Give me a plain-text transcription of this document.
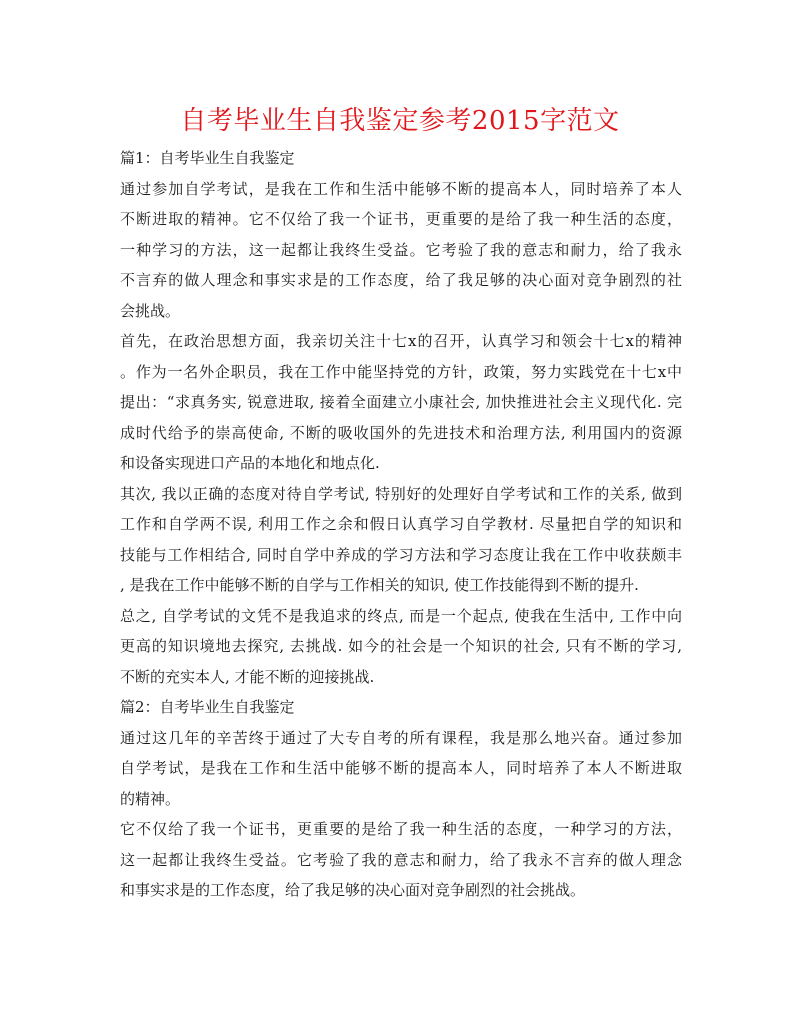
自考毕业生自我鉴定参考2015字范文
篇1：自考毕业生自我鉴定
通过参加自学考试，是我在工作和生活中能够不断的提高本人，同时培养了本人
不断进取的精神。它不仅给了我一个证书，更重要的是给了我一种生活的态度，
一种学习的方法，这一起都让我终生受益。它考验了我的意志和耐力，给了我永
不言弃的做人理念和事实求是的工作态度，给了我足够的决心面对竞争剧烈的社
会挑战。
首先，在政治思想方面，我亲切关注十七x的召开，认真学习和领会十七x的精神
。作为一名外企职员，我在工作中能坚持党的方针，政策，努力实践党在十七x中
提出：“求真务实, 锐意进取, 接着全面建立小康社会, 加快推进社会主义现代化. 完
成时代给予的崇高使命, 不断的吸收国外的先进技术和治理方法, 利用国内的资源
和设备实现进口产品的本地化和地点化.
其次, 我以正确的态度对待自学考试, 特别好的处理好自学考试和工作的关系, 做到
工作和自学两不误, 利用工作之余和假日认真学习自学教材. 尽量把自学的知识和
技能与工作相结合, 同时自学中养成的学习方法和学习态度让我在工作中收获颇丰
, 是我在工作中能够不断的自学与工作相关的知识, 使工作技能得到不断的提升.
总之, 自学考试的文凭不是我追求的终点, 而是一个起点, 使我在生活中, 工作中向
更高的知识境地去探究, 去挑战. 如今的社会是一个知识的社会, 只有不断的学习,
不断的充实本人, 才能不断的迎接挑战.
篇2：自考毕业生自我鉴定
通过这几年的辛苦终于通过了大专自考的所有课程，我是那么地兴奋。通过参加
自学考试，是我在工作和生活中能够不断的提高本人，同时培养了本人不断进取
的精神。
它不仅给了我一个证书，更重要的是给了我一种生活的态度，一种学习的方法，
这一起都让我终生受益。它考验了我的意志和耐力，给了我永不言弃的做人理念
和事实求是的工作态度，给了我足够的决心面对竞争剧烈的社会挑战。
